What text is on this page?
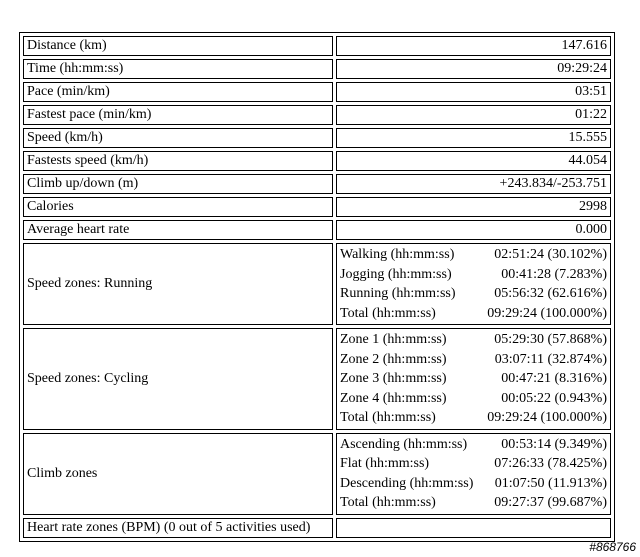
Distance (km)	147.616
Time (hh:mm:ss)	09:29:24
Pace (min/km)	03:51
Fastest pace (min/km)	01:22
Speed (km/h)	15.555
Fastests speed (km/h)	44.054
Climb up/down (m)	+243.834/-253.751
Calories	2998
Average heart rate	0.000
Speed zones: Running	
Walking (hh:mm:ss)	02:51:24 (30.102%)
Jogging (hh:mm:ss)	00:41:28 (7.283%)
Running (hh:mm:ss)	05:56:32 (62.616%)
Total (hh:mm:ss)	09:29:24 (100.000%)

Speed zones: Cycling	
Zone 1 (hh:mm:ss)	05:29:30 (57.868%)
Zone 2 (hh:mm:ss)	03:07:11 (32.874%)
Zone 3 (hh:mm:ss)	00:47:21 (8.316%)
Zone 4 (hh:mm:ss)	00:05:22 (0.943%)
Total (hh:mm:ss)	09:29:24 (100.000%)

Climb zones	
Ascending (hh:mm:ss)	00:53:14 (9.349%)
Flat (hh:mm:ss)	07:26:33 (78.425%)
Descending (hh:mm:ss)	01:07:50 (11.913%)
Total (hh:mm:ss)	09:27:37 (99.687%)

Heart rate zones (BPM) (0 out of 5 activities used)	
#868766
